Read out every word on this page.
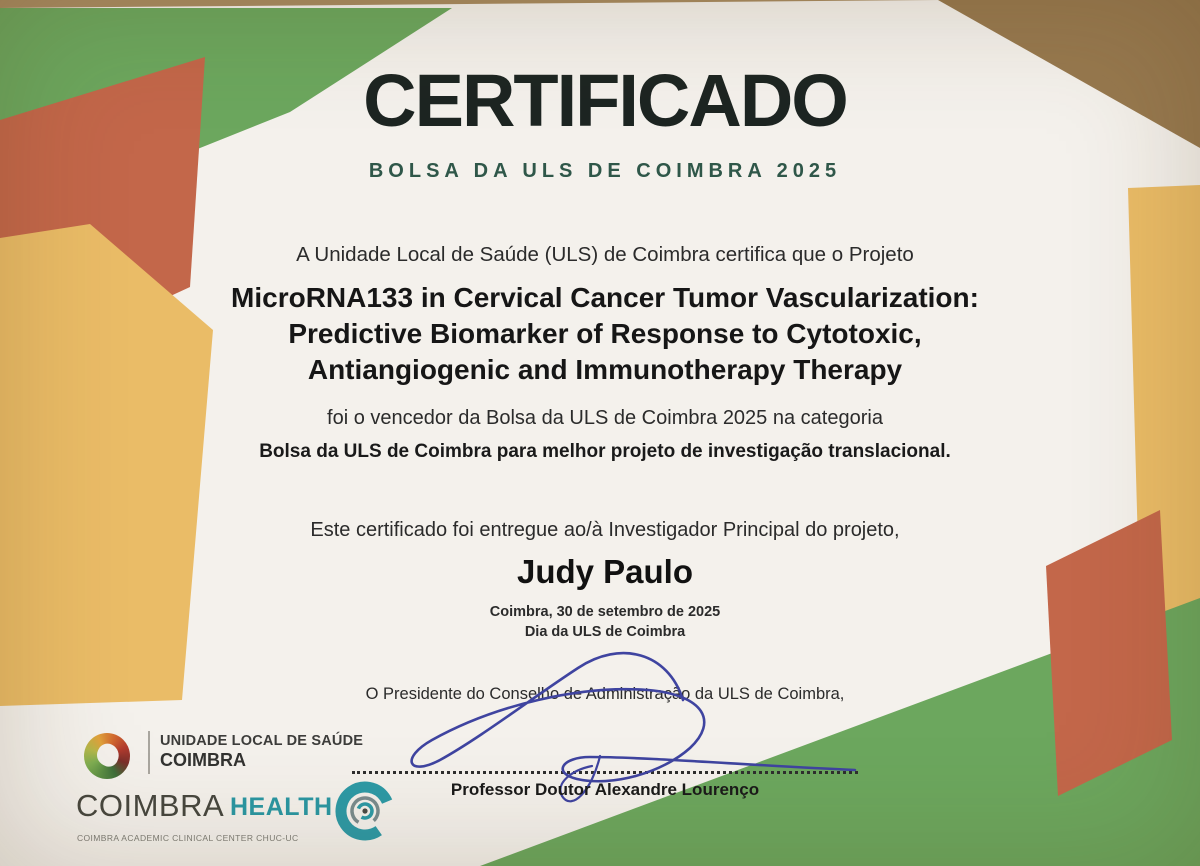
CERTIFICADO
BOLSA DA ULS DE COIMBRA 2025
A Unidade Local de Saúde (ULS) de Coimbra certifica que o Projeto
MicroRNA133 in Cervical Cancer Tumor Vascularization:
Predictive Biomarker of Response to Cytotoxic,
Antiangiogenic and Immunotherapy Therapy
foi o vencedor da Bolsa da ULS de Coimbra 2025 na categoria
Bolsa da ULS de Coimbra para melhor projeto de investigação translacional.
Este certificado foi entregue ao/à Investigador Principal do projeto,
Judy Paulo
Coimbra, 30 de setembro de 2025
Dia da ULS de Coimbra
O Presidente do Conselho de Administração da ULS de Coimbra,
Professor Doutor Alexandre Lourenço
UNIDADE LOCAL DE SAÚDE
COIMBRA
COIMBRA HEALTH
COIMBRA ACADEMIC CLINICAL CENTER CHUC-UC
